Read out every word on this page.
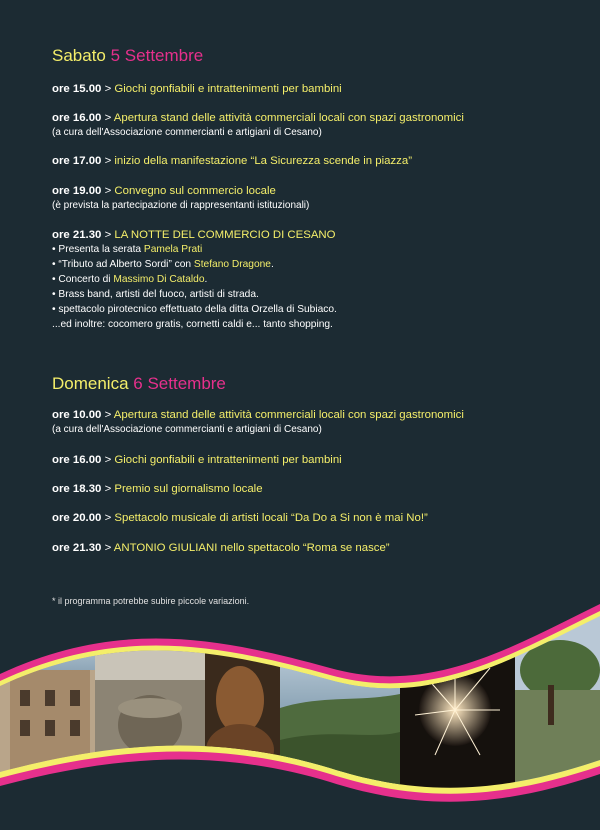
Sabato 5 Settembre
ore 15.00 > Giochi gonfiabili e intrattenimenti per bambini
ore 16.00 > Apertura stand delle attività commerciali locali con spazi gastronomici
(a cura dell'Associazione commercianti e artigiani di Cesano)
ore 17.00 > inizio della manifestazione “La Sicurezza scende in piazza”
ore 19.00 > Convegno sul commercio locale
(è prevista la partecipazione di rappresentanti istituzionali)
ore 21.30 > LA NOTTE DEL COMMERCIO DI CESANO
• Presenta la serata Pamela Prati
• “Tributo ad Alberto Sordi” con Stefano Dragone.
• Concerto di Massimo Di Cataldo.
• Brass band, artisti del fuoco, artisti di strada.
• spettacolo pirotecnico effettuato della ditta Orzella di Subiaco.
...ed inoltre: cocomero gratis, cornetti caldi e... tanto shopping.
Domenica 6 Settembre
ore 10.00 > Apertura stand delle attività commerciali locali con spazi gastronomici
(a cura dell'Associazione commercianti e artigiani di Cesano)
ore 16.00 > Giochi gonfiabili e intrattenimenti per bambini
ore 18.30 > Premio sul giornalismo locale
ore 20.00 > Spettacolo musicale di artisti locali “Da Do a Si non è mai No!”
ore 21.30 > ANTONIO GIULIANI nello spettacolo “Roma se nasce”
* il programma potrebbe subire piccole variazioni.
